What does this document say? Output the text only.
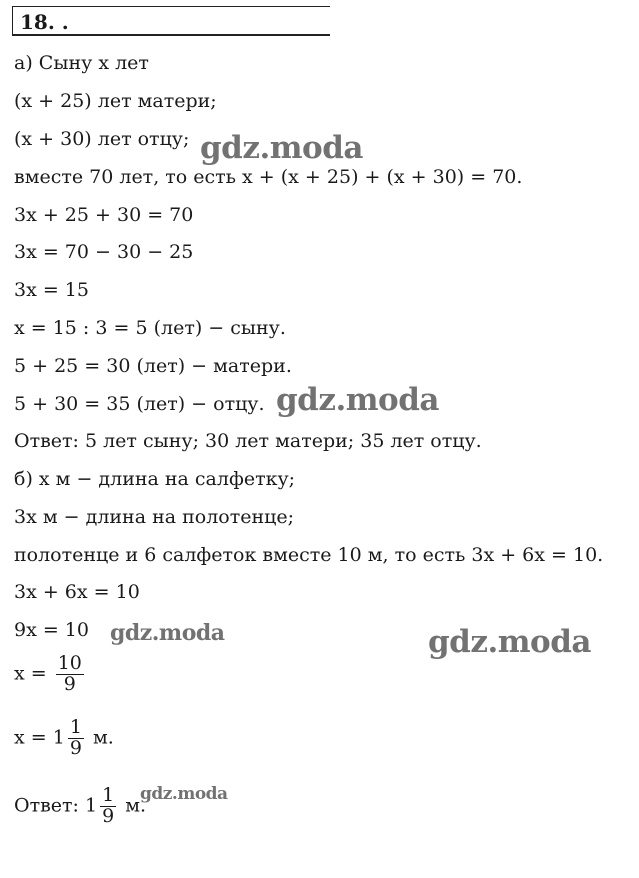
18. .
а) Сыну x лет
(x + 25) лет матери;
(x + 30) лет отцу;
вместе 70 лет, то есть x + (x + 25) + (x + 30) = 70.
3x + 25 + 30 = 70
3x = 70 − 30 − 25
3x = 15
x = 15 : 3 = 5 (лет) − сыну.
5 + 25 = 30 (лет) − матери.
5 + 30 = 35 (лет) − отцу.
Ответ: 5 лет сыну; 30 лет матери; 35 лет отцу.
б) x м − длина на салфетку;
3x м − длина на полотенце;
полотенце и 6 салфеток вместе 10 м, то есть 3x + 6x = 10.
3x + 6x = 10
9x = 10
$x = \frac{10}{9}$
$x = 1 \frac{1}{9} м$.
Ответ: $1 \frac{1}{9} м$.
gdz.moda
gdz.moda
gdz.moda	gdz.moda
gdz.moda
